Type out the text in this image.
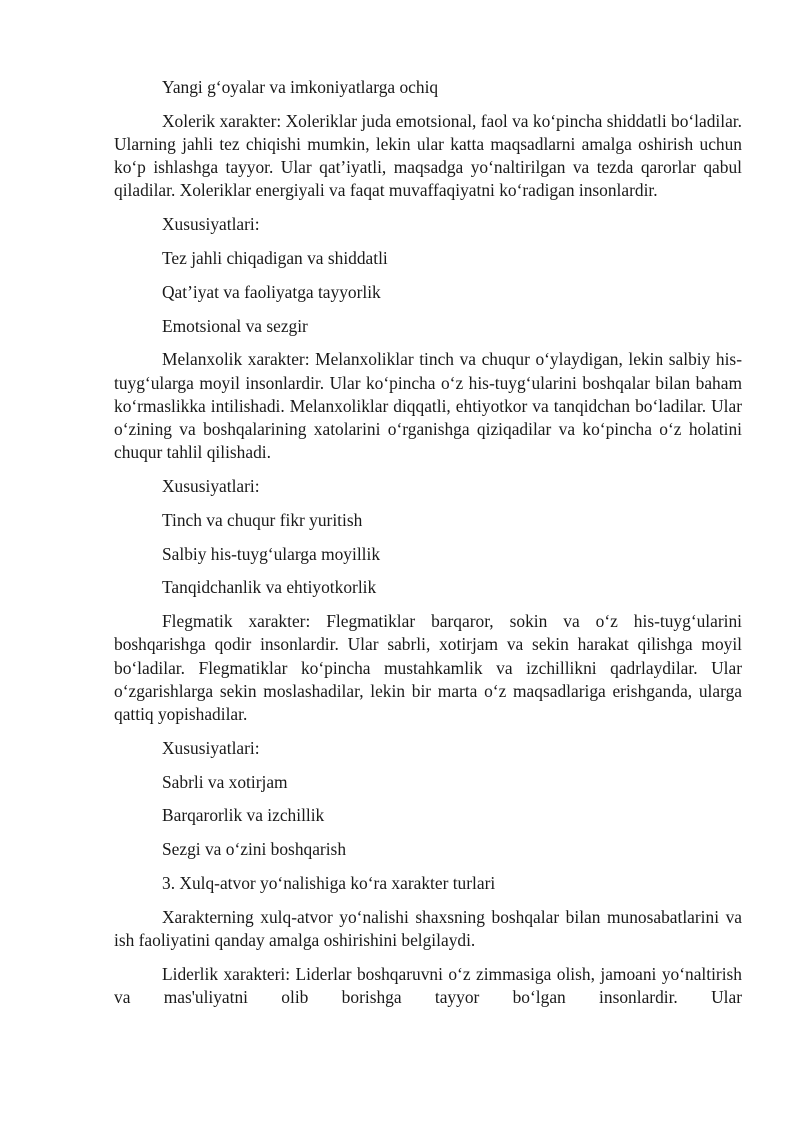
Yangi g‘oyalar va imkoniyatlarga ochiq

Xolerik xarakter: Xoleriklar juda emotsional, faol va ko‘pincha shiddatli bo‘ladilar. Ularning jahli tez chiqishi mumkin, lekin ular katta maqsadlarni amalga oshirish uchun ko‘p ishlashga tayyor. Ular qat’iyatli, maqsadga yo‘naltirilgan va tezda qarorlar qabul qiladilar. Xoleriklar energiyali va faqat muvaffaqiyatni ko‘radigan insonlardir.

Xususiyatlari:

Tez jahli chiqadigan va shiddatli

Qat’iyat va faoliyatga tayyorlik

Emotsional va sezgir

Melanxolik xarakter: Melanxoliklar tinch va chuqur o‘ylaydigan, lekin salbiy his-tuyg‘ularga moyil insonlardir. Ular ko‘pincha o‘z his-tuyg‘ularini boshqalar bilan baham ko‘rmaslikka intilishadi. Melanxoliklar diqqatli, ehtiyotkor va tanqidchan bo‘ladilar. Ular o‘zining va boshqalarining xatolarini o‘rganishga qiziqadilar va ko‘pincha o‘z holatini chuqur tahlil qilishadi.

Xususiyatlari:

Tinch va chuqur fikr yuritish

Salbiy his-tuyg‘ularga moyillik

Tanqidchanlik va ehtiyotkorlik

Flegmatik xarakter: Flegmatiklar barqaror, sokin va o‘z his-tuyg‘ularini boshqarishga qodir insonlardir. Ular sabrli, xotirjam va sekin harakat qilishga moyil bo‘ladilar. Flegmatiklar ko‘pincha mustahkamlik va izchillikni qadrlaydilar. Ular o‘zgarishlarga sekin moslashadilar, lekin bir marta o‘z maqsadlariga erishganda, ularga qattiq yopishadilar.

Xususiyatlari:

Sabrli va xotirjam

Barqarorlik va izchillik

Sezgi va o‘zini boshqarish

3. Xulq-atvor yo‘nalishiga ko‘ra xarakter turlari

Xarakterning xulq-atvor yo‘nalishi shaxsning boshqalar bilan munosabatlarini va ish faoliyatini qanday amalga oshirishini belgilaydi.

Liderlik xarakteri: Liderlar boshqaruvni o‘z zimmasiga olish, jamoani yo‘naltirish va mas'uliyatni olib borishga tayyor bo‘lgan insonlardir. Ular
